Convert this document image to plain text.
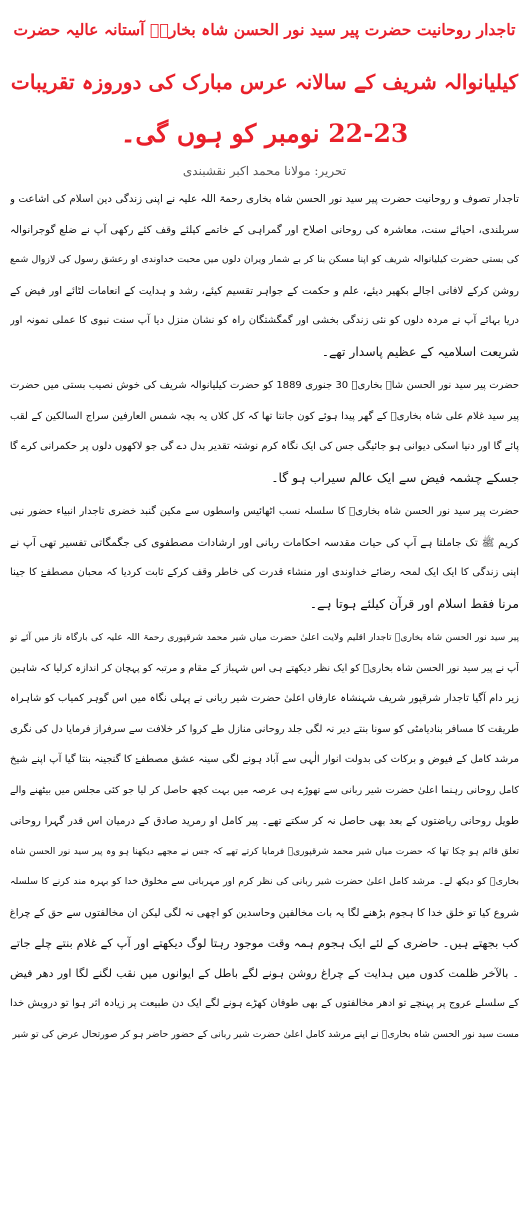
تاجدار روحانیت حضرت پیر سید نور الحسن شاہ بخاریؒ آستانہ عالیہ حضرت
کیلیانوالہ شریف کے سالانہ عرس مبارک کی دوروزہ تقریبات
22-23 نومبر کو ہوں گی۔
تحریر: مولانا محمد اکبر نقشبندی
تاجدار تصوف و روحانیت حضرت پیر سید نور الحسن شاہ بخاری رحمۃ اللہ علیہ نے اپنی زندگی دین اسلام کی اشاعت و
سربلندی، احیائے سنت، معاشرہ کی روحانی اصلاح اور گمراہی کے خاتمے کیلئے وقف کئے رکھی آپ نے ضلع گوجرانوالہ
کی بستی حضرت کیلیانوالہ شریف کو اپنا مسکن بنا کر بے شمار ویران دلوں میں محبت خداوندی او رعشق رسول کی لازوال شمع
روشن کرکے لافانی اجالے بکھیر دیئے، علم و حکمت کے جواہر تقسیم کیئے، رشد و ہدایت کے انعامات لٹائے اور فیض کے
دریا بہائے آپ نے مردہ دلوں کو نئی زندگی بخشی اور گمگشتگان راہ کو نشان منزل دیا آپ سنت نبوی کا عملی نمونہ اور
شریعت اسلامیہ کے عظیم پاسدار تھے۔
حضرت پیر سید نور الحسن شاہ بخاریؒ 30 جنوری 1889 کو حضرت کیلیانوالہ شریف کی خوش نصیب بستی میں حضرت
پیر سید غلام علی شاہ بخاریؒ کے گھر پیدا ہوئے کون جانتا تھا کہ کل کلاں یہ بچہ شمس العارفین سراج السالکین کے لقب
پائے گا اور دنیا اسکی دیوانی ہو جائیگی جس کی ایک نگاہ کرم نوشتہ تقدیر بدل دے گی جو لاکھوں دلوں پر حکمرانی کرے گا
جسکے چشمہ فیض سے ایک عالم سیراب ہو گا۔
حضرت پیر سید نور الحسن شاہ بخاریؒ کا سلسلہ نسب اٹھائیس واسطوں سے مکین گنبد خضری تاجدار انبیاء حضور نبی
کریم ﷺ تک جاملتا ہے آپ کی حیات مقدسہ احکامات ربانی اور ارشادات مصطفوی کی جگمگاتی تفسیر تھی آپ نے
اپنی زندگی کا ایک ایک لمحہ رضائے خداوندی اور منشاء قدرت کی خاطر وقف کرکے ثابت کردیا کہ محبان مصطفےٰ کا جینا
مرنا فقط اسلام اور قرآن کیلئے ہوتا ہے۔
پیر سید نور الحسن شاہ بخاریؒ تاجدار اقلیم ولایت اعلیٰ حضرت میاں شیر محمد شرقپوری رحمۃ اللہ علیہ کی بارگاہ ناز میں آئے تو
آپ نے پیر سید نور الحسن شاہ بخاریؒ کو ایک نظر دیکھتے ہی اس شہباز کے مقام و مرتبہ کو پہچان کر اندازہ کرلیا کہ شاہین
زیر دام آگیا تاجدار شرقپور شریف شہنشاہ عارفاں اعلیٰ حضرت شیر ربانی نے پہلی نگاہ میں اس گوہر کمیاب کو شاہراہ
طریقت کا مسافر بنادیامٹی کو سونا بنتے دیر نہ لگی جلد روحانی منازل طے کروا کر خلافت سے سرفراز فرمایا دل کی نگری
مرشد کامل کے فیوض و برکات کی بدولت انوار الٰہی سے آباد ہونے لگی سینہ عشق مصطفےٰ کا گنجینہ بنتا گیا آپ اپنے شیخ
کامل روحانی رہنما اعلیٰ حضرت شیر ربانی سے تھوڑے ہی عرصہ میں بہت کچھ حاصل کر لیا جو کئی مجلس میں بیٹھنے والے
طویل روحانی ریاضتوں کے بعد بھی حاصل نہ کر سکتے تھے۔ پیر کامل او رمرید صادق کے درمیان اس قدر گہرا روحانی
تعلق قائم ہو چکا تھا کہ حضرت میاں شیر محمد شرقپوریؒ فرمایا کرتے تھے کہ جس نے مجھے دیکھنا ہو وہ پیر سید نور الحسن شاہ
بخاریؒ کو دیکھ لے۔ مرشد کامل اعلیٰ حضرت شیر ربانی کی نظر کرم اور مہربانی سے مخلوق خدا کو بہرہ مند کرنے کا سلسلہ
شروع کیا تو خلق خدا کا ہجوم بڑھنے لگا یہ بات مخالفین وحاسدین کو اچھی نہ لگی لیکن ان مخالفتوں سے حق کے چراغ
کب بجھتے ہیں۔ حاضری کے لئے ایک ہجوم ہمہ وقت موجود رہتا لوگ دیکھتے اور آپ کے غلام بنتے چلے جاتے
۔ بالآخر ظلمت کدوں میں ہدایت کے چراغ روشن ہونے لگے باطل کے ایوانوں میں نقب لگنے لگا اور دھر فیض
کے سلسلے عروج پر پہنچے تو ادھر مخالفتوں کے بھی طوفان کھڑے ہونے لگے ایک دن طبیعت پر زیادہ اثر ہوا تو درویش خدا
مست سید نور الحسن شاہ بخاریؒ نے اپنے مرشد کامل اعلیٰ حضرت شیر ربانی کے حضور حاضر ہو کر صورتحال عرض کی تو شیر
